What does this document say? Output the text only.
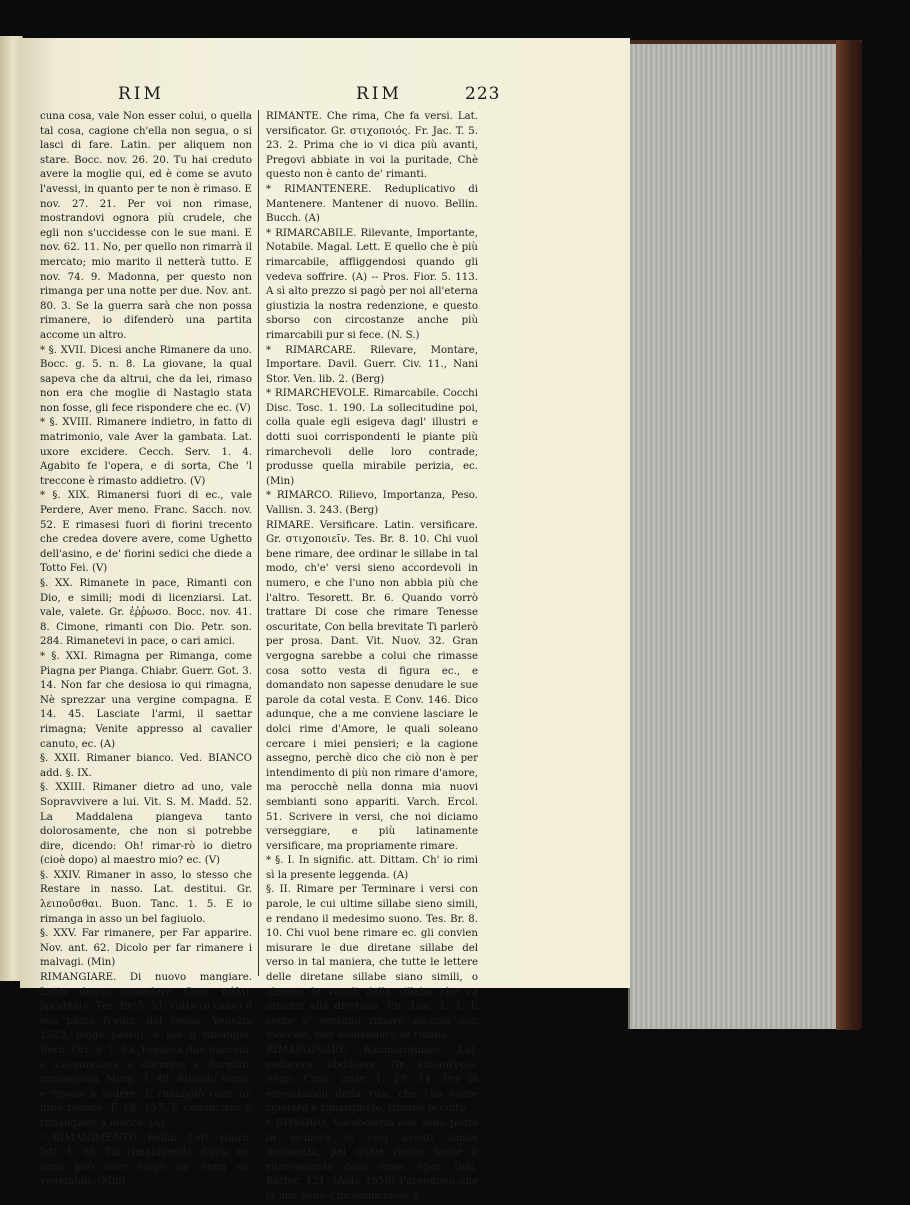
RIM	RIM	223

cuna cosa, vale Non esser colui, o quella tal cosa, cagione ch'ella non segua, o si lasci di fare. Latin. per aliquem non stare. Bocc. nov. 26. 20. Tu hai creduto avere la moglie qui, ed è come se avuto l'avessi, in quanto per te non è rimaso. E nov. 27. 21. Per voi non rimase, mostrandovi ognora più crudele, che egli non s'uccidesse con le sue mani. E nov. 62. 11. No, per quello non rimarrà il mercato; mio marito il netterà tutto. E nov. 74. 9. Madonna, per questo non rimanga per una notte per due. Nov. ant. 80. 3. Se la guerra sarà che non possa rimanere, io difenderò una partita accome un altro.

* §. XVII. Dicesi anche Rimanere da uno. Bocc. g. 5. n. 8. La giovane, la qual sapeva che da altrui, che da lei, rimaso non era che moglie di Nastagio stata non fosse, gli fece rispondere che ec. (V)

* §. XVIII. Rimanere indietro, in fatto di matrimonio, vale Aver la gambata. Lat. uxore excidere. Cecch. Serv. 1. 4. Agabito fe l'opera, e di sorta, Che 'l treccone è rimasto addietro. (V)

* §. XIX. Rimanersi fuori di ec., vale Perdere, Aver meno. Franc. Sacch. nov. 52. E rimasesi fuori di fiorini trecento che credea dovere avere, come Ughetto dell'asino, e de' fiorini sedici che diede a Totto Fei. (V)

§. XX. Rimanete in pace, Rimanti con Dio, e simili; modi di licenziarsi. Lat. vale, valete. Gr. ἐῤῥωσο. Bocc. nov. 41. 8. Cimone, rimanti con Dio. Petr. son. 284. Rimanetevi in pace, o cari amici.

* §. XXI. Rimagna per Rimanga, come Piagna per Pianga. Chiabr. Guerr. Got. 3. 14. Non far che desiosa io qui rimagna, Nè sprezzar una vergine compagna. E 14. 45. Lasciate l'armi, il saettar rimagna; Venite appresso al cavalier canuto, ec. (A)

§. XXII. Rimaner bianco. Ved. BIANCO add. §. IX.

§. XXIII. Rimaner dietro ad uno, vale Sopravvivere a lui. Vit. S. M. Madd. 52. La Maddalena piangeva tanto dolorosamente, che non si potrebbe dire, dicendo: Oh! rimar-rò io dietro (cioè dopo) al maestro mio? ec. (V)

§. XXIV. Rimaner in asso, lo stesso che Restare in nasso. Lat. destitui. Gr. λειποῦσθαι. Buon. Tanc. 1. 5. E io rimanga in asso un bel fagiuolo.

§. XXV. Far rimanere, per Far apparire. Nov. ant. 62. Dicolo per far rimanere i malvagi. (Min)

RIMANGIARE. Di nuovo mangiare. Latin. denuo comedere. Grec. πάλιν βρώσκειν. Tes. Br. 5. 51. Gitta (il cane) il suo pasto (l'ediz. del Sessa, Venezia 1533, legge pasto), e poi il rimangia. Bern. Orl. 3. 7. 53. Toglieva due bocconi, e s'acconciava a dormire; e dormito, rimangiava. Morg. 3. 48. Rinaldo torna, e ripone a sedere, E rimangiò com' un lupo rapace. E 18. 157. E cominciaro a rimangiare a macco. (A)

* RIMANIMENTO. Bellin. Lett. Giorn. lett. t. 35. Tal rimanimento d'aria ne' semi può aver luogo ne' semi de' vegetabili. (Min)

RIMANTE. Che rima, Che fa versi. Lat. versificator. Gr. στιχοποιός. Fr. Jac. T. 5. 23. 2. Prima che io vi dica più avanti, Pregovi abbiate in voi la puritade, Chè questo non è canto de' rimanti.

* RIMANTENERE. Reduplicativo di Mantenere. Mantener di nuovo. Bellin. Bucch. (A)

* RIMARCABILE. Rilevante, Importante, Notabile. Magal. Lett. E quello che è più rimarcabile, affliggendosi quando gli vedeva soffrire. (A) -- Pros. Fior. 5. 113. A sì alto prezzo si pagò per noi all'eterna giustizia la nostra redenzione, e questo sborso con circostanze anche più rimarcabili pur si fece. (N. S.)

* RIMARCARE. Rilevare, Montare, Importare. Davil. Guerr. Civ. 11., Nani Stor. Ven. lib. 2. (Berg)

* RIMARCHEVOLE. Rimarcabile. Cocchi Disc. Tosc. 1. 190. La sollecitudine poi, colla quale egli esigeva dagl' illustri e dotti suoi corrispondenti le piante più rimarchevoli delle loro contrade, produsse quella mirabile perizia, ec. (Min)

* RIMARCO. Rilievo, Importanza, Peso. Vallisn. 3. 243. (Berg)

RIMARE. Versificare. Latin. versificare. Gr. στιχοποιεῖν. Tes. Br. 8. 10. Chi vuol bene rimare, dee ordinar le sillabe in tal modo, ch'e' versi sieno accordevoli in numero, e che l'uno non abbia più che l'altro. Tesorett. Br. 6. Quando vorrò trattare Di cose che rimare Tenesse oscuritate, Con bella brevitate Ti parlerò per prosa. Dant. Vit. Nuov. 32. Gran vergogna sarebbe a colui che rimasse cosa sotto vesta di figura ec., e domandato non sapesse denudare le sue parole da cotal vesta. E Conv. 146. Dico adunque, che a me conviene lasciare le dolci rime d'Amore, le quali soleano cercare i miei pensieri; e la cagione assegno, perchè dico che ciò non è per intendimento di più non rimare d'amore, ma perocchè nella donna mia nuovi sembianti sono appariti. Varch. Ercol. 51. Scrivere in versi, che noi diciamo verseggiare, e più latinamente versificare, ma propriamente rimare.

* §. I. In signific. att. Dittam. Ch' io rimi sì la presente leggenda. (A)

§. II. Rimare per Terminare i versi con parole, le cui ultime sillabe sieno simili, e rendano il medesimo suono. Tes. Br. 8. 10. Chi vuol bene rimare ec. gli convien misurare le due diretane sillabe del verso in tal maniera, che tutte le lettere delle diretane sillabe siano simili, o almeno le vocali della sillaba che va dinanzi alla diretana. Fir. Luc. 1. 1. E come e' sentono rimare zoccolo con moccolo, non domandare se ridono.

RIMARGINARE. Rammarginare. Lat. reducere, obducere. Gr. ἐπεισάγειν. Segn. Crist. instr. 1. 29. 14. Per la emendazion della vita, che l'ha come riparato e rimarginato, rimane occulto.

* RIMARIO. Vocabolario ove sono poste in ischiera le voci aventi simile desinenza, pel quale riesce facile il ritrovamento delle rime. Sper. Dial. Rettor. 121. (Aldo 1550) Parendomi che la mia vena s'incominciasse a
